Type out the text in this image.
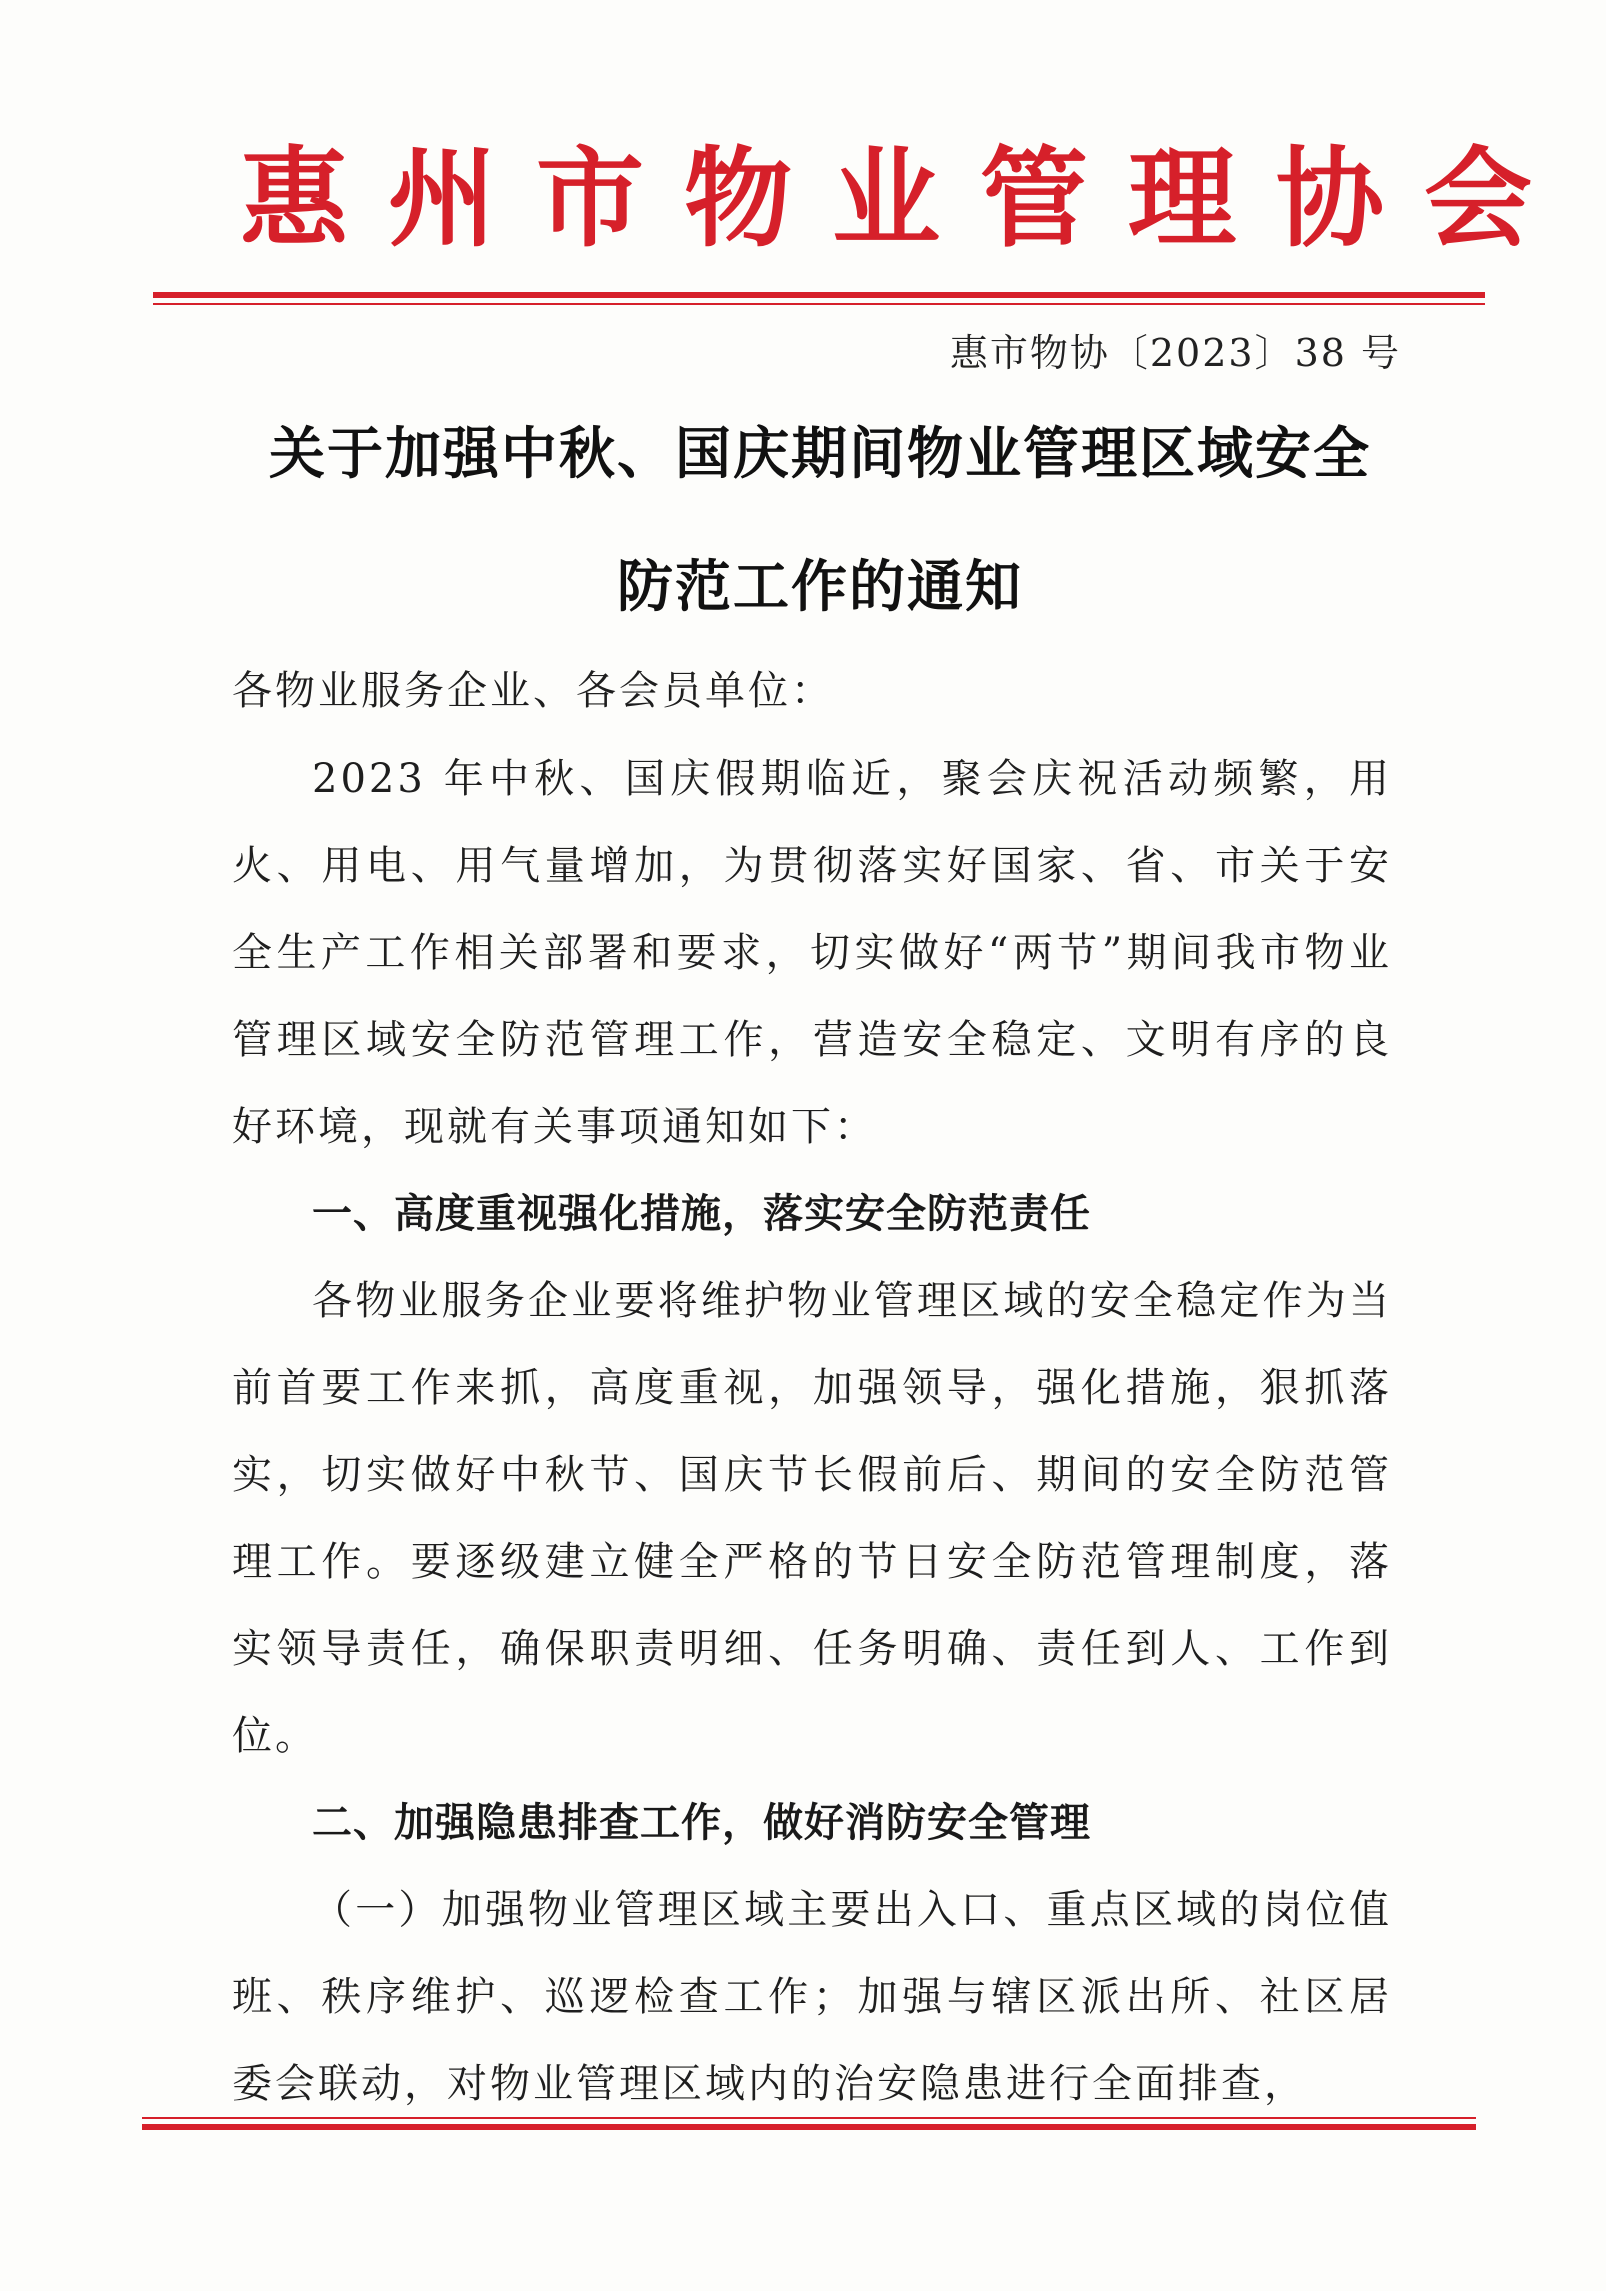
惠州市物业管理协会
惠市物协〔2023〕38 号
关于加强中秋、国庆期间物业管理区域安全
防范工作的通知
各物业服务企业、各会员单位：

2023 年中秋、国庆假期临近，聚会庆祝活动频繁，用火、用电、用气量增加，为贯彻落实好国家、省、市关于安全生产工作相关部署和要求，切实做好“两节”期间我市物业管理区域安全防范管理工作，营造安全稳定、文明有序的良好环境，现就有关事项通知如下：

一、高度重视强化措施，落实安全防范责任

各物业服务企业要将维护物业管理区域的安全稳定作为当前首要工作来抓，高度重视，加强领导，强化措施，狠抓落实，切实做好中秋节、国庆节长假前后、期间的安全防范管理工作。要逐级建立健全严格的节日安全防范管理制度，落实领导责任，确保职责明细、任务明确、责任到人、工作到位。

二、加强隐患排查工作，做好消防安全管理

（一）加强物业管理区域主要出入口、重点区域的岗位值班、秩序维护、巡逻检查工作；加强与辖区派出所、社区居委会联动，对物业管理区域内的治安隐患进行全面排查，
